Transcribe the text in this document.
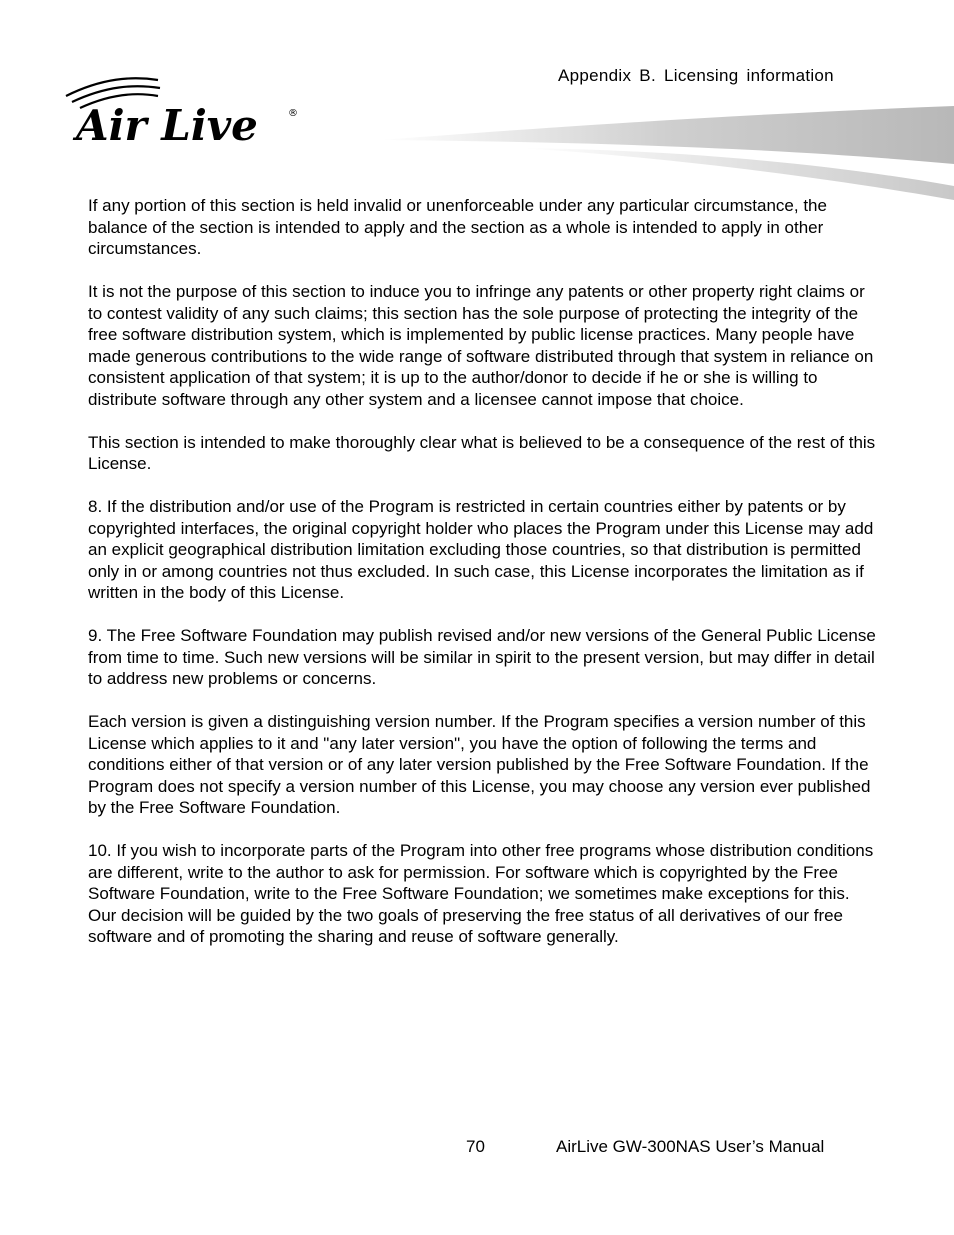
Appendix B. Licensing information
Air Live	®

If any portion of this section is held invalid or unenforceable under any particular circumstance, the balance of the section is intended to apply and the section as a whole is intended to apply in other circumstances.

It is not the purpose of this section to induce you to infringe any patents or other property right claims or to contest validity of any such claims; this section has the sole purpose of protecting the integrity of the free software distribution system, which is implemented by public license practices. Many people have made generous contributions to the wide range of software distributed through that system in reliance on consistent application of that system; it is up to the author/donor to decide if he or she is willing to distribute software through any other system and a licensee cannot impose that choice.

This section is intended to make thoroughly clear what is believed to be a consequence of the rest of this License.

8. If the distribution and/or use of the Program is restricted in certain countries either by patents or by copyrighted interfaces, the original copyright holder who places the Program under this License may add an explicit geographical distribution limitation excluding those countries, so that distribution is permitted only in or among countries not thus excluded. In such case, this License incorporates the limitation as if written in the body of this License.

9. The Free Software Foundation may publish revised and/or new versions of the General Public License from time to time. Such new versions will be similar in spirit to the present version, but may differ in detail to address new problems or concerns.

Each version is given a distinguishing version number. If the Program specifies a version number of this License which applies to it and "any later version", you have the option of following the terms and conditions either of that version or of any later version published by the Free Software Foundation. If the Program does not specify a version number of this License, you may choose any version ever published by the Free Software Foundation.

10. If you wish to incorporate parts of the Program into other free programs whose distribution conditions are different, write to the author to ask for permission. For software which is copyrighted by the Free Software Foundation, write to the Free Software Foundation; we sometimes make exceptions for this. Our decision will be guided by the two goals of preserving the free status of all derivatives of our free software and of promoting the sharing and reuse of software generally.

70	AirLive GW-300NAS User’s Manual
